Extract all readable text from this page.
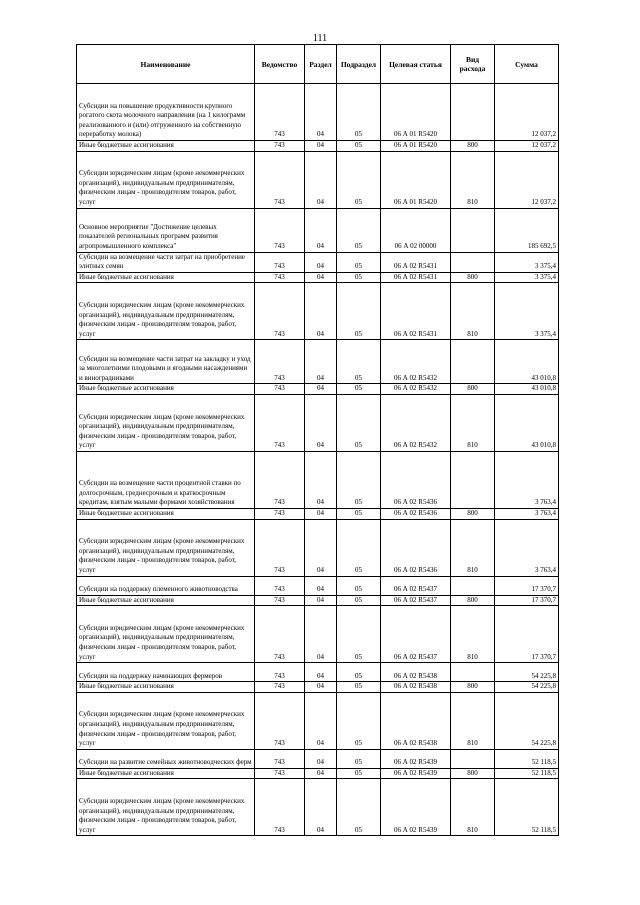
111
Наименование	Ведомство	Раздел	Подраздел	Целевая статья	Вид расхода	Сумма
Субсидии на повышение продуктивности крупного рогатого скота молочного направления (на 1 килограмм реализованного и (или) отгруженного на собственную переработку молока)	743	04	05	06 А 01 R5420		12 037,2
Иные бюджетные ассигнования	743	04	05	06 А 01 R5420	800	12 037,2
Субсидии юридическим лицам (кроме некоммерческих организаций), индивидуальным предпринимателям, физическим лицам - производителям товаров, работ, услуг	743	04	05	06 А 01 R5420	810	12 037,2
Основное мероприятие "Достижение целевых показателей региональных программ развития агропромышленного комплекса"	743	04	05	06 А 02 00000		185 692,5
Субсидии на возмещение части затрат на приобретение элитных семян	743	04	05	06 А 02 R5431		3 375,4
Иные бюджетные ассигнования	743	04	05	06 А 02 R5431	800	3 375,4
Субсидии юридическим лицам (кроме некоммерческих организаций), индивидуальным предпринимателям, физическим лицам - производителям товаров, работ, услуг	743	04	05	06 А 02 R5431	810	3 375,4
Субсидии на возмещение части затрат на закладку и уход за многолетними плодовыми и ягодными насаждениями и виноградниками	743	04	05	06 А 02 R5432		43 010,8
Иные бюджетные ассигнования	743	04	05	06 А 02 R5432	800	43 010,8
Субсидии юридическим лицам (кроме некоммерческих организаций), индивидуальным предпринимателям, физическим лицам - производителям товаров, работ, услуг	743	04	05	06 А 02 R5432	810	43 010,8
Субсидии на возмещение части процентной ставки по долгосрочным, среднесрочным и краткосрочным кредитам, взятым малыми формами хозяйствования	743	04	05	06 А 02 R5436		3 763,4
Иные бюджетные ассигнования	743	04	05	06 А 02 R5436	800	3 763,4
Субсидии юридическим лицам (кроме некоммерческих организаций), индивидуальным предпринимателям, физическим лицам - производителям товаров, работ, услуг	743	04	05	06 А 02 R5436	810	3 763,4
Субсидии на поддержку племенного животноводства	743	04	05	06 А 02 R5437		17 370,7
Иные бюджетные ассигнования	743	04	05	06 А 02 R5437	800	17 370,7
Субсидии юридическим лицам (кроме некоммерческих организаций), индивидуальным предпринимателям, физическим лицам - производителям товаров, работ, услуг	743	04	05	06 А 02 R5437	810	17 370,7
Субсидии на поддержку начинающих фермеров	743	04	05	06 А 02 R5438		54 225,8
Иные бюджетные ассигнования	743	04	05	06 А 02 R5438	800	54 225,8
Субсидии юридическим лицам (кроме некоммерческих организаций), индивидуальным предпринимателям, физическим лицам - производителям товаров, работ, услуг	743	04	05	06 А 02 R5438	810	54 225,8
Субсидии на развитие семейных животноводческих ферм	743	04	05	06 А 02 R5439		52 118,5
Иные бюджетные ассигнования	743	04	05	06 А 02 R5439	800	52 118,5
Субсидии юридическим лицам (кроме некоммерческих организаций), индивидуальным предпринимателям, физическим лицам - производителям товаров, работ, услуг	743	04	05	06 А 02 R5439	810	52 118,5
